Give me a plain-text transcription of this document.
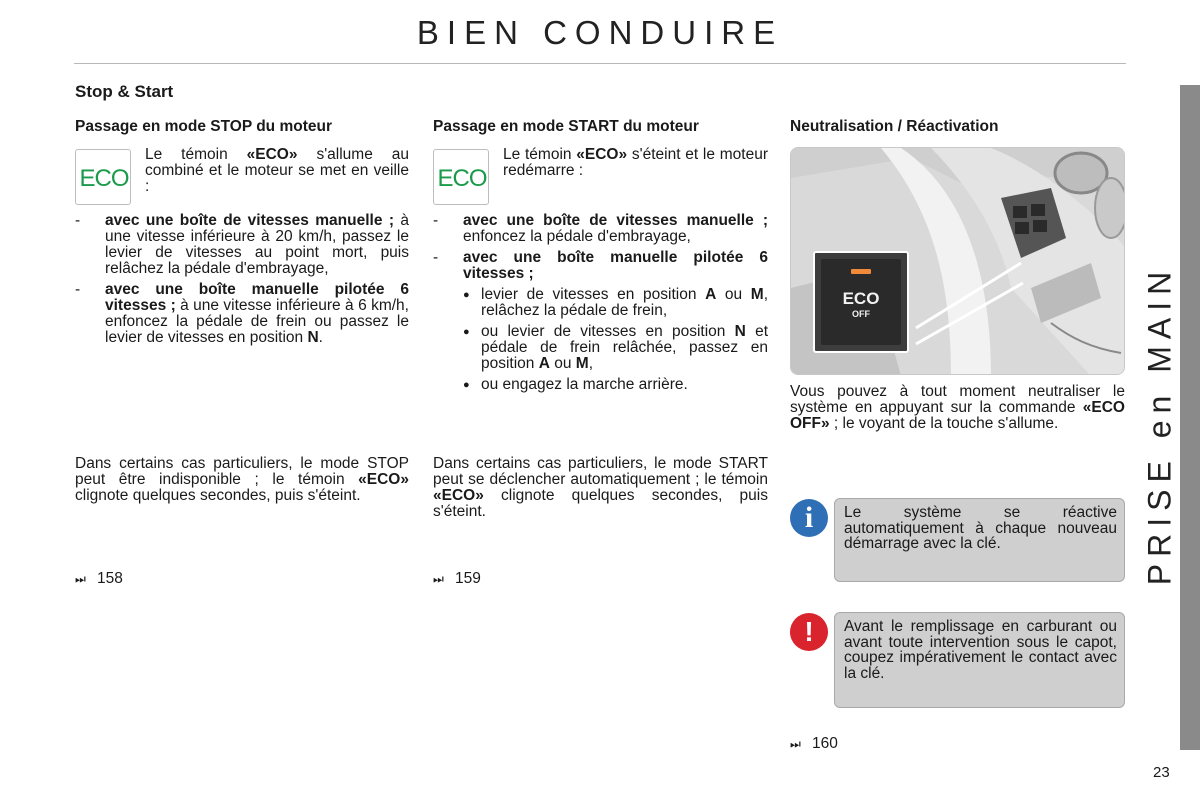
BIEN CONDUIRE
Stop & Start
PRISE en MAIN
23
Passage en mode STOP du moteur
ECO
Le témoin «ECO» s'allume au combiné et le moteur se met en veille :
-	avec une boîte de vitesses manuelle ; à une vitesse inférieure à 20 km/h, passez le levier de vitesses au point mort, puis relâchez la pédale d'embrayage,
-	avec une boîte manuelle pilotée 6 vitesses ; à une vitesse inférieure à 6 km/h, enfoncez la pédale de frein ou passez le levier de vitesses en position N.
Dans certains cas particuliers, le mode STOP peut être indisponible ; le témoin «ECO» clignote quelques secondes, puis s'éteint.
⏭ 158
Passage en mode START du moteur
ECO
Le témoin «ECO» s'éteint et le moteur redémarre :
-	avec une boîte de vitesses manuelle ; enfoncez la pédale d'embrayage,
-	avec une boîte manuelle pilotée 6 vitesses ;
● levier de vitesses en position A ou M, relâchez la pédale de frein,
● ou levier de vitesses en position N et pédale de frein relâchée, passez en position A ou M,
● ou engagez la marche arrière.
Dans certains cas particuliers, le mode START peut se déclencher automatiquement ; le témoin «ECO» clignote quelques secondes, puis s'éteint.
⏭ 159
Neutralisation / Réactivation
ECO
OFF
Vous pouvez à tout moment neutraliser le système en appuyant sur la commande «ECO OFF» ; le voyant de la touche s'allume.
i	Le système se réactive automatiquement à chaque nouveau démarrage avec la clé.
!	Avant le remplissage en carburant ou avant toute intervention sous le capot, coupez impérativement le contact avec la clé.
⏭ 160
